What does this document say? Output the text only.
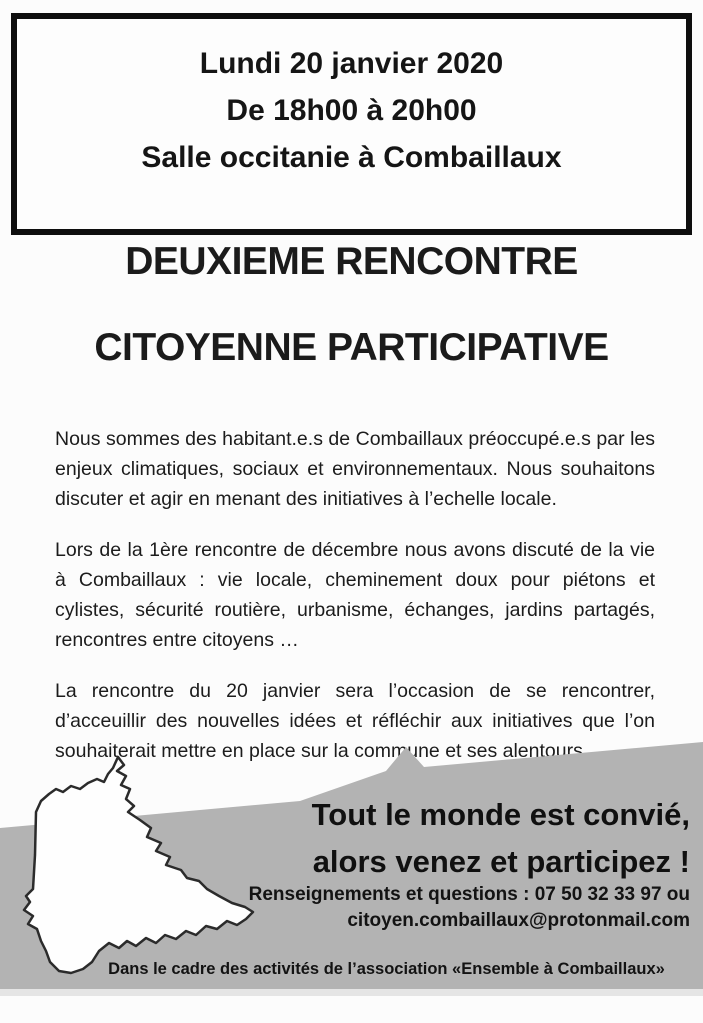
Lundi 20 janvier 2020
De 18h00 à 20h00
Salle occitanie à Combaillaux
DEUXIEME RENCONTRE
CITOYENNE PARTICIPATIVE

Nous sommes des habitant.e.s de Combaillaux préoccupé.e.s par les enjeux climatiques, sociaux et environnementaux. Nous souhaitons discuter et agir en menant des initiatives à l’echelle locale.

Lors de la 1ère rencontre de décembre nous avons discuté de la vie à Combaillaux : vie locale, cheminement doux pour piétons et cylistes, sécurité routière, urbanisme, échanges, jardins partagés, rencontres entre citoyens …

La rencontre du 20 janvier sera l’occasion de se rencontrer, d’acceuillir des nouvelles idées et réfléchir aux initiatives que l’on souhaiterait mettre en place sur la commune et ses alentours.

Tout le monde est convié,
alors venez et participez !
Renseignements et questions : 07 50 32 33 97 ou
citoyen.combaillaux@protonmail.com
Dans le cadre des activités de l’association «Ensemble à Combaillaux»
